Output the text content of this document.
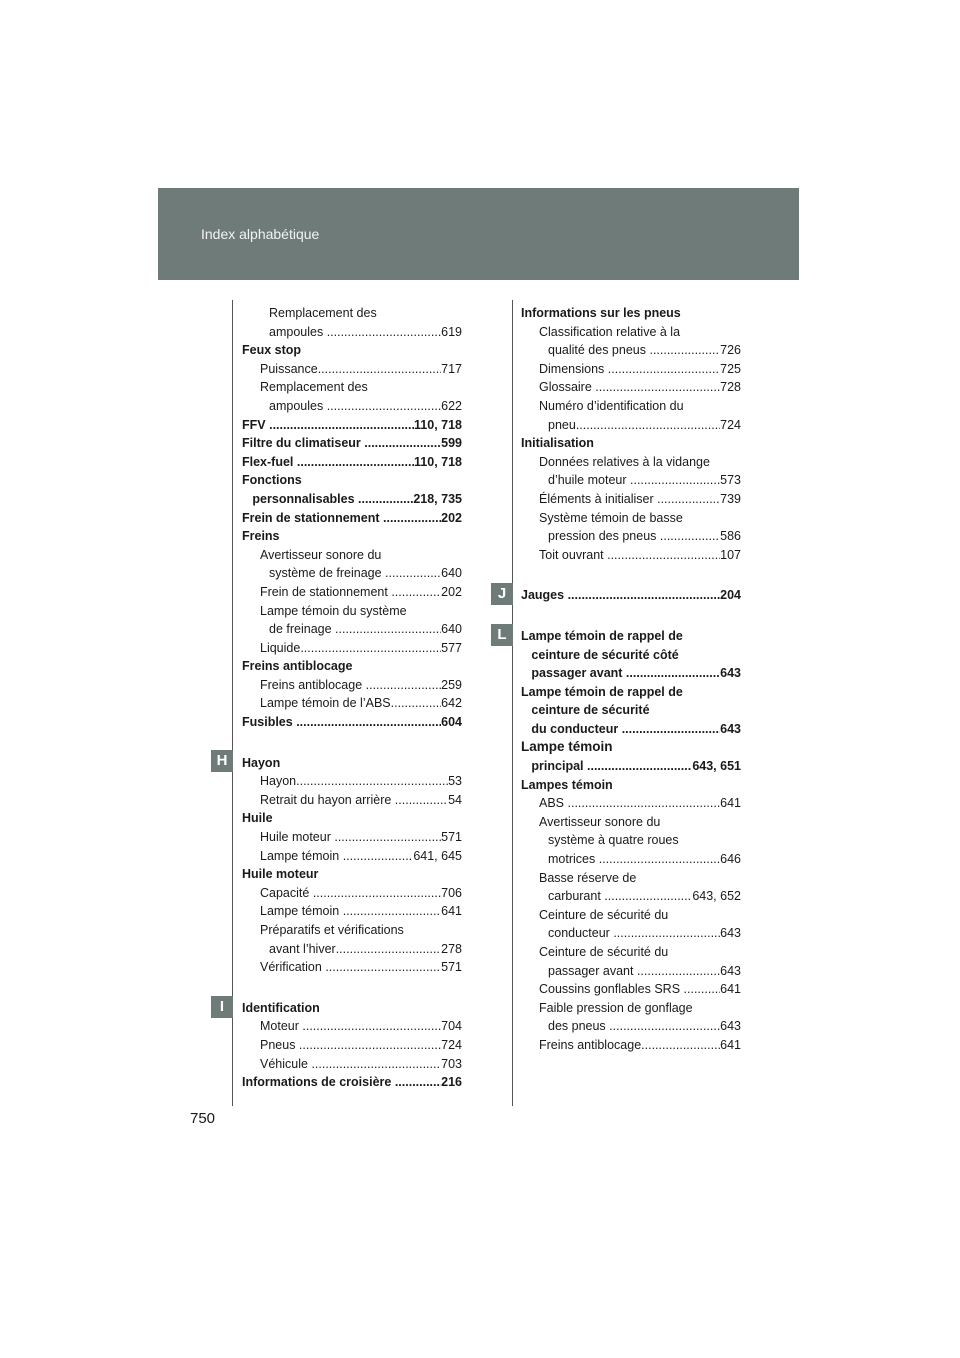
Index alphabétique
Remplacement des
ampoules .....	619
Feux stop
Puissance .....	717
Remplacement des
ampoules .....	622
FFV .....	110, 718
Filtre du climatiseur .....	599
Flex-fuel .....	110, 718
Fonctions
personnalisables .....	218, 735
Frein de stationnement .....	202
Freins
Avertisseur sonore du
système de freinage .....	640
Frein de stationnement .....	202
Lampe témoin du système
de freinage .....	640
Liquide .....	577
Freins antiblocage
Freins antiblocage .....	259
Lampe témoin de l’ABS .....	642
Fusibles .....	604
Hayon
Hayon .....	53
Retrait du hayon arrière .....	54
Huile
Huile moteur .....	571
Lampe témoin .....	641, 645
Huile moteur
Capacité .....	706
Lampe témoin .....	641
Préparatifs et vérifications
avant l’hiver .....	278
Vérification .....	571
Identification
Moteur .....	704
Pneus .....	724
Véhicule .....	703
Informations de croisière .....	216
Informations sur les pneus
Classification relative à la
qualité des pneus .....	726
Dimensions .....	725
Glossaire .....	728
Numéro d’identification du
pneu .....	724
Initialisation
Données relatives à la vidange
d’huile moteur .....	573
Éléments à initialiser .....	739
Système témoin de basse
pression des pneus .....	586
Toit ouvrant .....	107
Jauges .....	204
Lampe témoin de rappel de
ceinture de sécurité côté
passager avant .....	643
Lampe témoin de rappel de
ceinture de sécurité
du conducteur .....	643
Lampe témoin
principal .....	643, 651
Lampes témoin
ABS .....	641
Avertisseur sonore du
système à quatre roues
motrices .....	646
Basse réserve de
carburant .....	643, 652
Ceinture de sécurité du
conducteur .....	643
Ceinture de sécurité du
passager avant .....	643
Coussins gonflables SRS .....	641
Faible pression de gonflage
des pneus .....	643
Freins antiblocage .....	641
H
I
J
L
750
